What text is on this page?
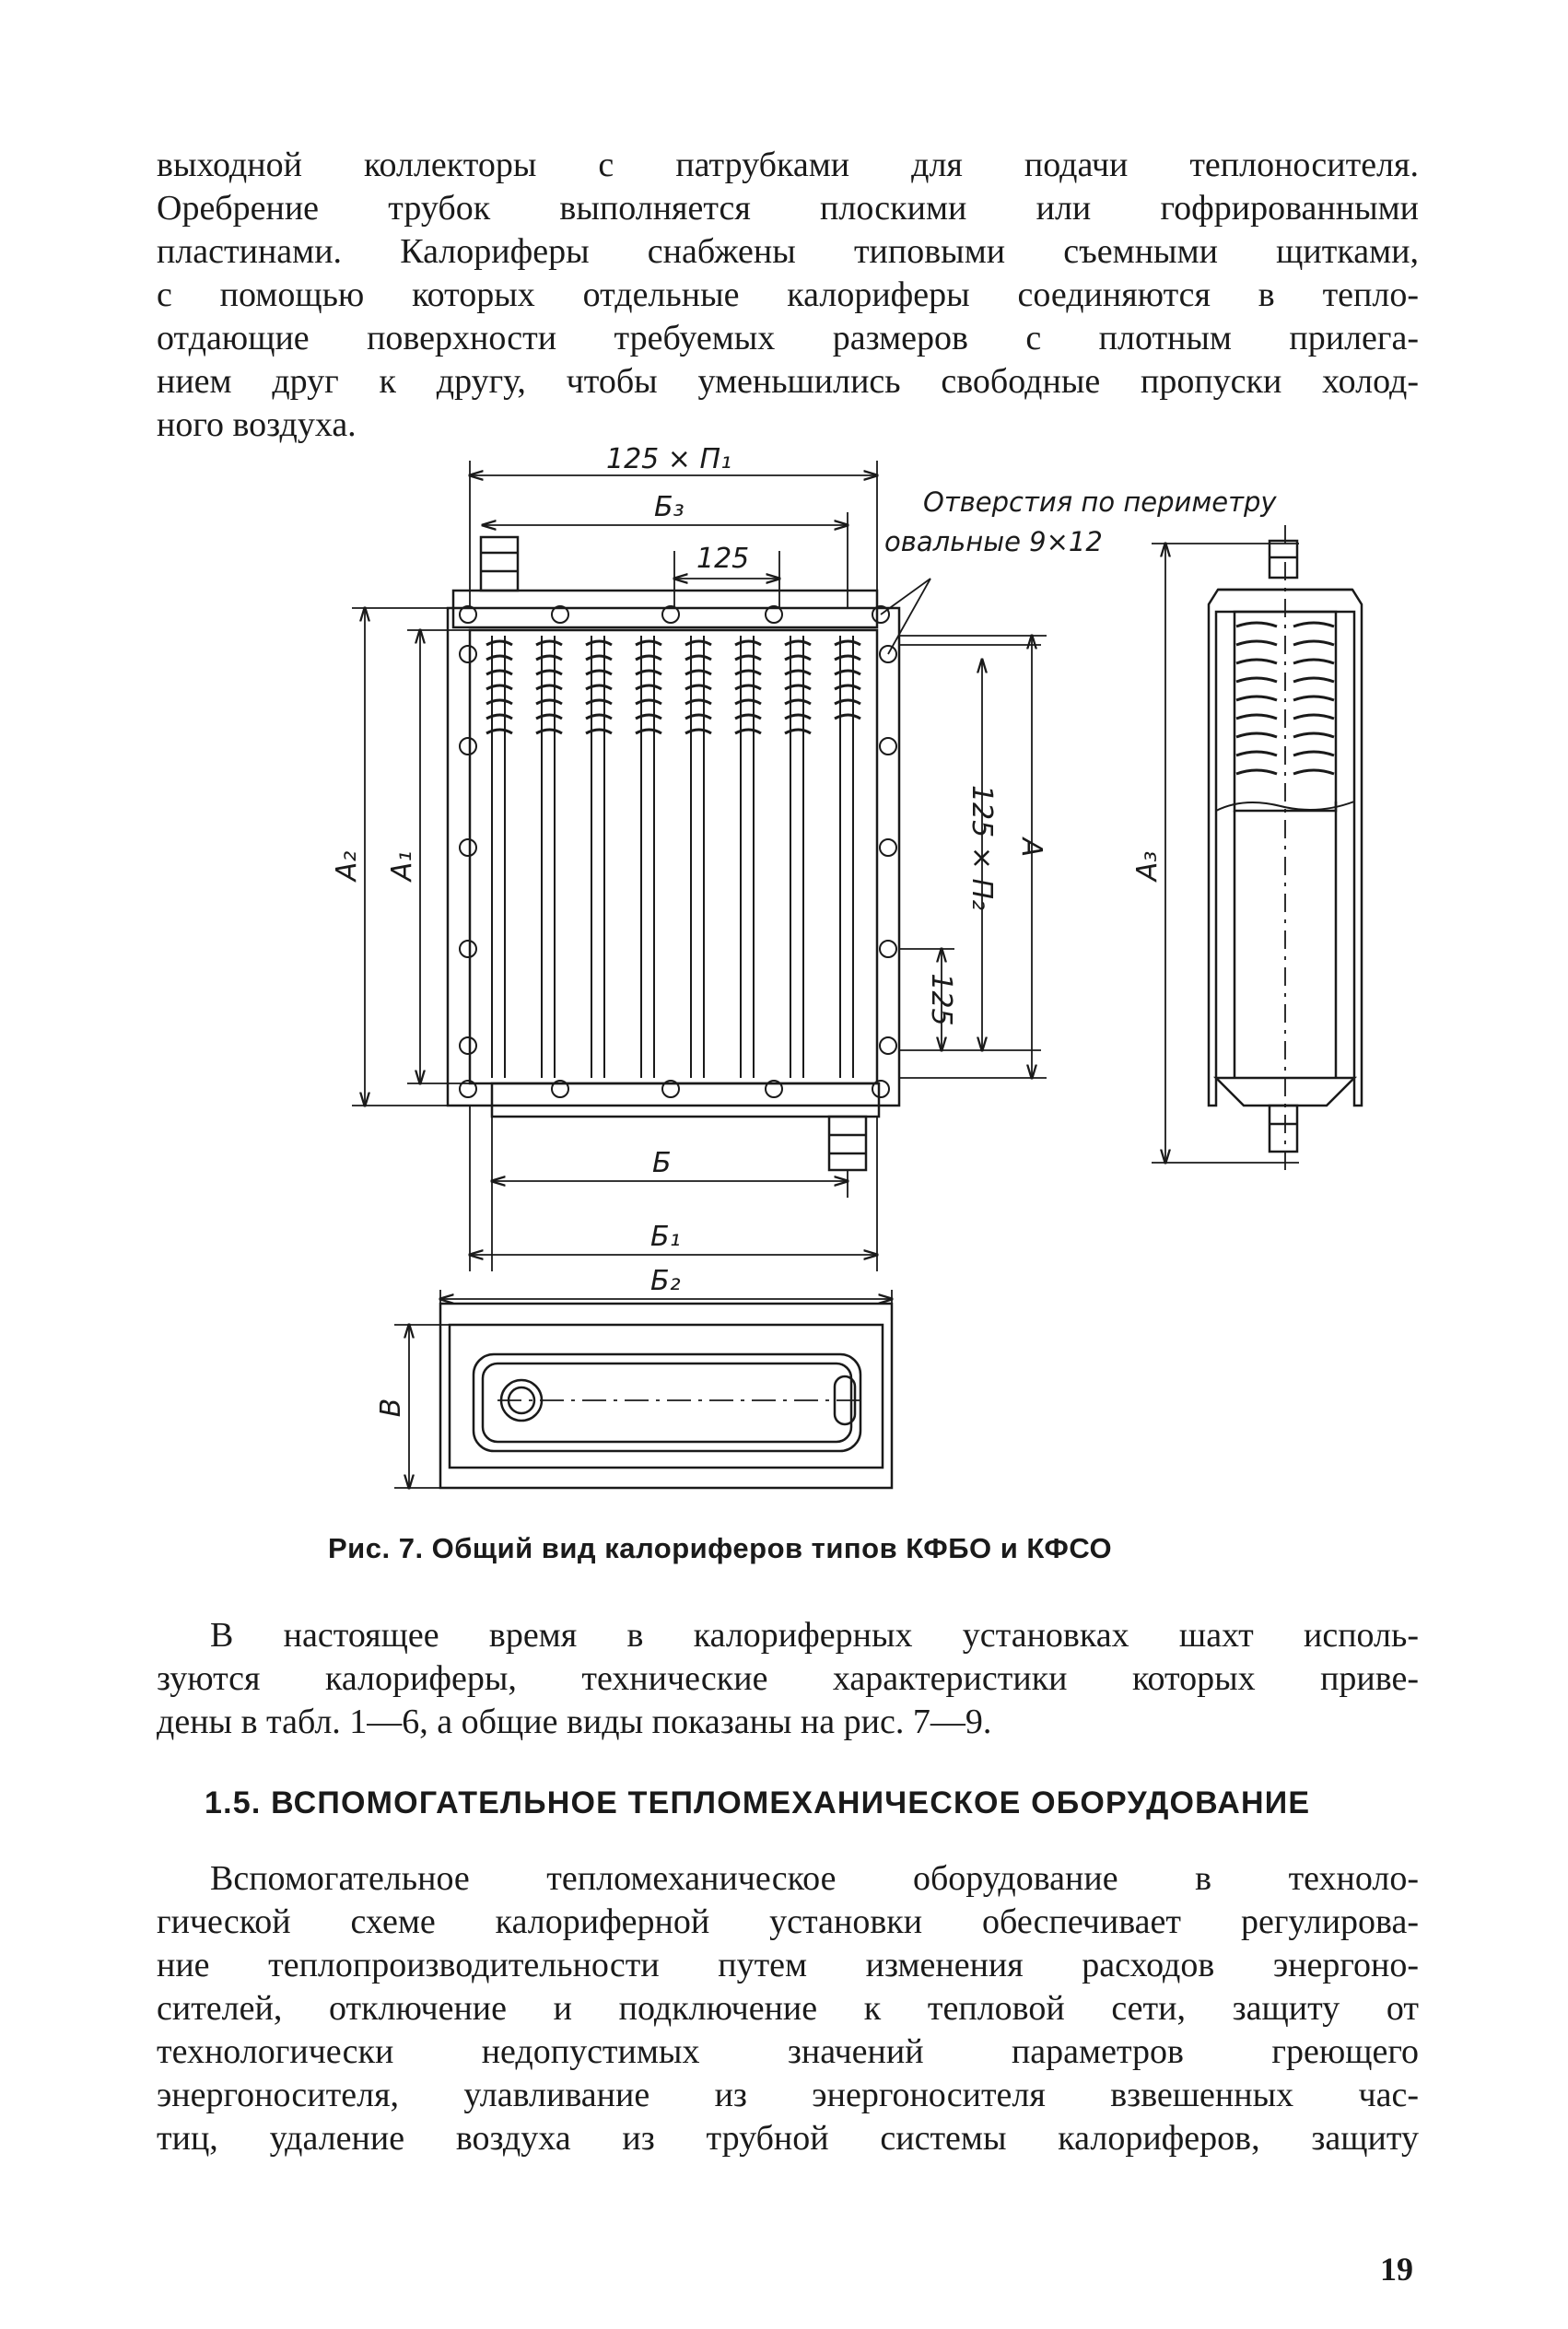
выходной коллекторы с патрубками для подачи теплоносителя.
Оребрение трубок выполняется плоскими или гофрированными
пластинами. Калориферы снабжены типовыми съемными щитками,
с помощью которых отдельные калориферы соединяются в тепло-
отдающие поверхности требуемых размеров с плотным прилега-
нием друг к другу, чтобы уменьшились свободные пропуски холод-
ного воздуха.
125 × П₁
Б₃
125
Отверстия по периметру
овальные 9×12
А₂ А₁	125 × П₂ А
125
А₃
Б
Б₁
Б₂
В

Рис. 7. Общий вид калориферов типов КФБО и КФСО

В настоящее время в калориферных установках шахт исполь-
зуются калориферы, технические характеристики которых приве-
дены в табл. 1—6, а общие виды показаны на рис. 7—9.
1.5. ВСПОМОГАТЕЛЬНОЕ ТЕПЛОМЕХАНИЧЕСКОЕ ОБОРУДОВАНИЕ
Вспомогательное тепломеханическое оборудование в техноло-
гической схеме калориферной установки обеспечивает регулирова-
ние теплопроизводительности путем изменения расходов энергоно-
сителей, отключение и подключение к тепловой сети, защиту от
технологически недопустимых значений параметров греющего
энергоносителя, улавливание из энергоносителя взвешенных час-
тиц, удаление воздуха из трубной системы калориферов, защиту

19
